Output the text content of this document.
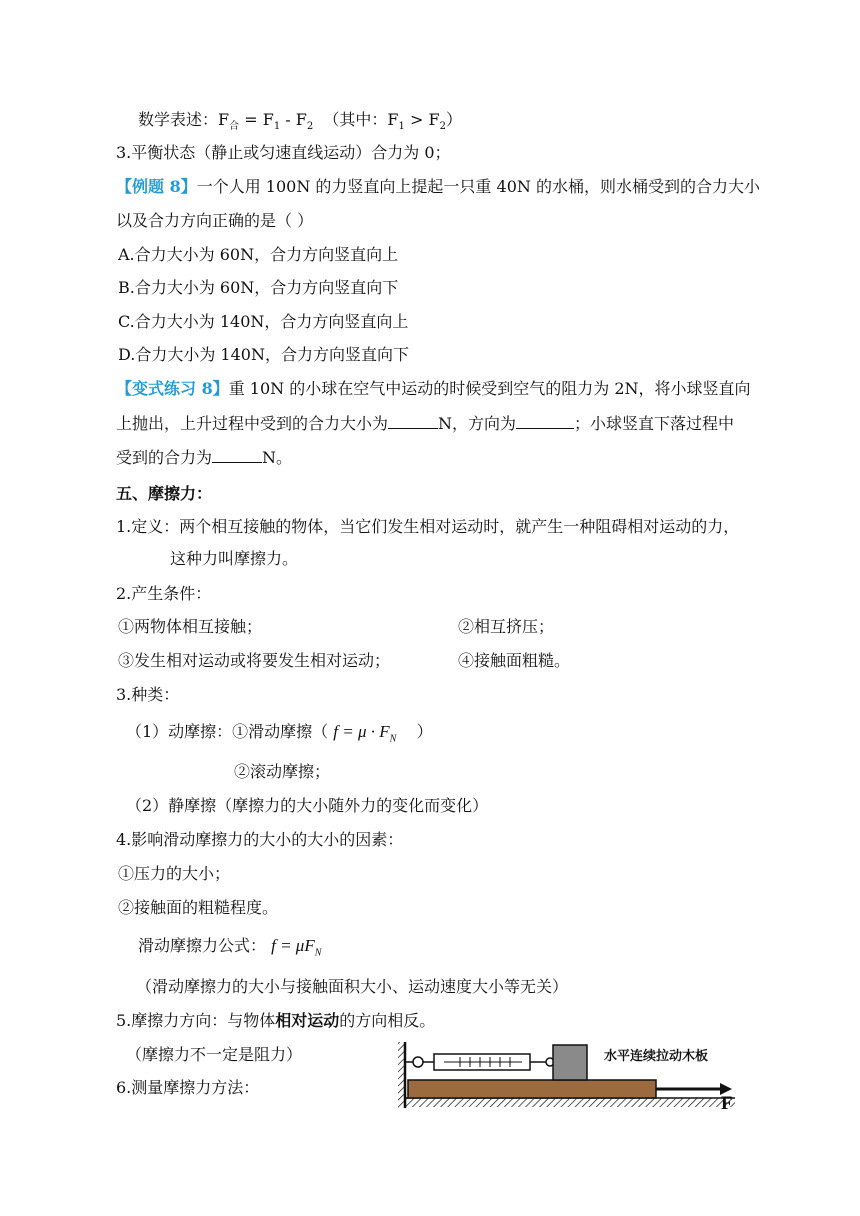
数学表述：$F_合 = F_1 - F_2$ （其中：$F_1 > F_2$）
3.平衡状态（静止或匀速直线运动）合力为 0；
【例题 8】一个人用 100N 的力竖直向上提起一只重 40N 的水桶，则水桶受到的合力大小
以及合力方向正确的是（ ）
A.合力大小为 60N，合力方向竖直向上
B.合力大小为 60N，合力方向竖直向下
C.合力大小为 140N，合力方向竖直向上
D.合力大小为 140N，合力方向竖直向下
【变式练习 8】重 10N 的小球在空气中运动的时候受到空气的阻力为 2N，将小球竖直向
上抛出，上升过程中受到的合力大小为	N，方向为	；小球竖直下落过程中
受到的合力为	N。
五、摩擦力：
1.定义：两个相互接触的物体，当它们发生相对运动时，就产生一种阻碍相对运动的力，
这种力叫摩擦力。
2.产生条件：
①两物体相互接触；	②相互挤压；
③发生相对运动或将要发生相对运动；	④接触面粗糙。
3.种类：
（1）动摩擦：①滑动摩擦（ $f = \mu \cdot F_N$ ）
②滚动摩擦；
（2）静摩擦（摩擦力的大小随外力的变化而变化）
4.影响滑动摩擦力的大小的大小的因素：
①压力的大小；
②接触面的粗糙程度。
滑动摩擦力公式： $f = \mu F_N$
（滑动摩擦力的大小与接触面积大小、运动速度大小等无关）
5.摩擦力方向：与物体相对运动的方向相反。
（摩擦力不一定是阻力）
6.测量摩擦力方法：
F
水平连续拉动木板
